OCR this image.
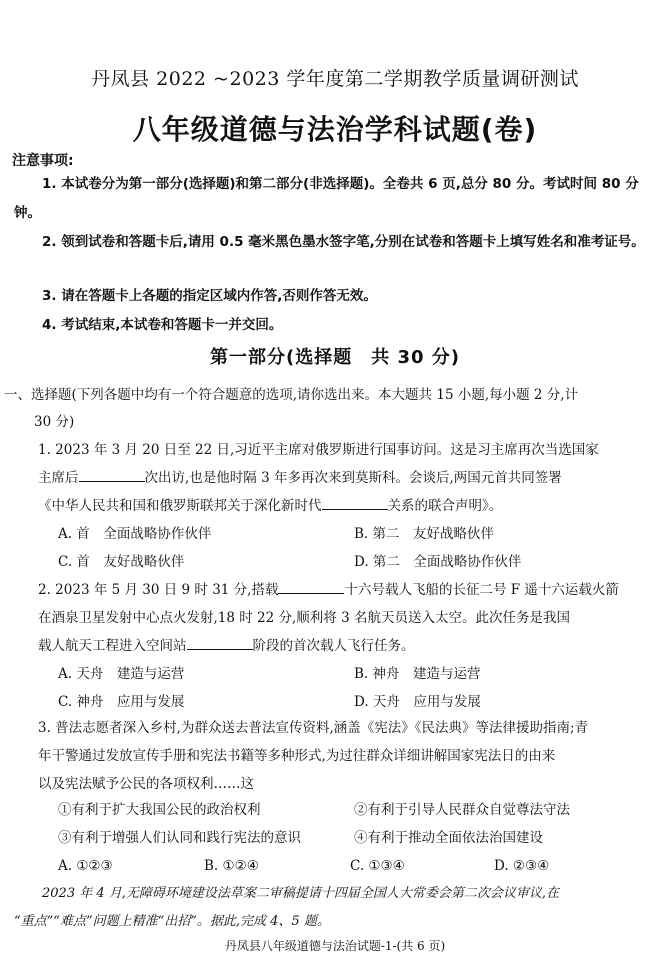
丹凤县 2022 ~2023 学年度第二学期教学质量调研测试
八年级道德与法治学科试题(卷)
注意事项:
1. 本试卷分为第一部分(选择题)和第二部分(非选择题)。全卷共 6 页,总分 80 分。考试时间 80 分钟。
2. 领到试卷和答题卡后,请用 0.5 毫米黑色墨水签字笔,分别在试卷和答题卡上填写姓名和准考证号。
3. 请在答题卡上各题的指定区域内作答,否则作答无效。
4. 考试结束,本试卷和答题卡一并交回。
第一部分(选择题　共 30 分)
一、选择题(下列各题中均有一个符合题意的选项,请你选出来。本大题共 15 小题,每小题 2 分,计
30 分)
1. 2023 年 3 月 20 日至 22 日,习近平主席对俄罗斯进行国事访问。这是习主席再次当选国家
主席后	次出访,也是他时隔 3 年多再次来到莫斯科。会谈后,两国元首共同签署
《中华人民共和国和俄罗斯联邦关于深化新时代	关系的联合声明》。
A. 首　全面战略协作伙伴	B. 第二　友好战略伙伴
C. 首　友好战略伙伴	D. 第二　全面战略协作伙伴
2. 2023 年 5 月 30 日 9 时 31 分,搭载	十六号载人飞船的长征二号 F 遥十六运载火箭
在酒泉卫星发射中心点火发射,18 时 22 分,顺利将 3 名航天员送入太空。此次任务是我国
载人航天工程进入空间站	阶段的首次载人飞行任务。
A. 天舟　建造与运营	B. 神舟　建造与运营
C. 神舟　应用与发展	D. 天舟　应用与发展
3. 普法志愿者深入乡村,为群众送去普法宣传资料,涵盖《宪法》《民法典》等法律援助指南;青
年干警通过发放宣传手册和宪法书籍等多种形式,为过往群众详细讲解国家宪法日的由来
以及宪法赋予公民的各项权利……这
①有利于扩大我国公民的政治权利	②有利于引导人民群众自觉尊法守法
③有利于增强人们认同和践行宪法的意识	④有利于推动全面依法治国建设
A. ①②③	B. ①②④	C. ①③④	D. ②③④
2023 年 4 月,无障碍环境建设法草案二审稿提请十四届全国人大常委会第二次会议审议,在
“重点”“难点”问题上精准“出招”。据此,完成 4、5 题。
丹凤县八年级道德与法治试题-1-(共 6 页)
